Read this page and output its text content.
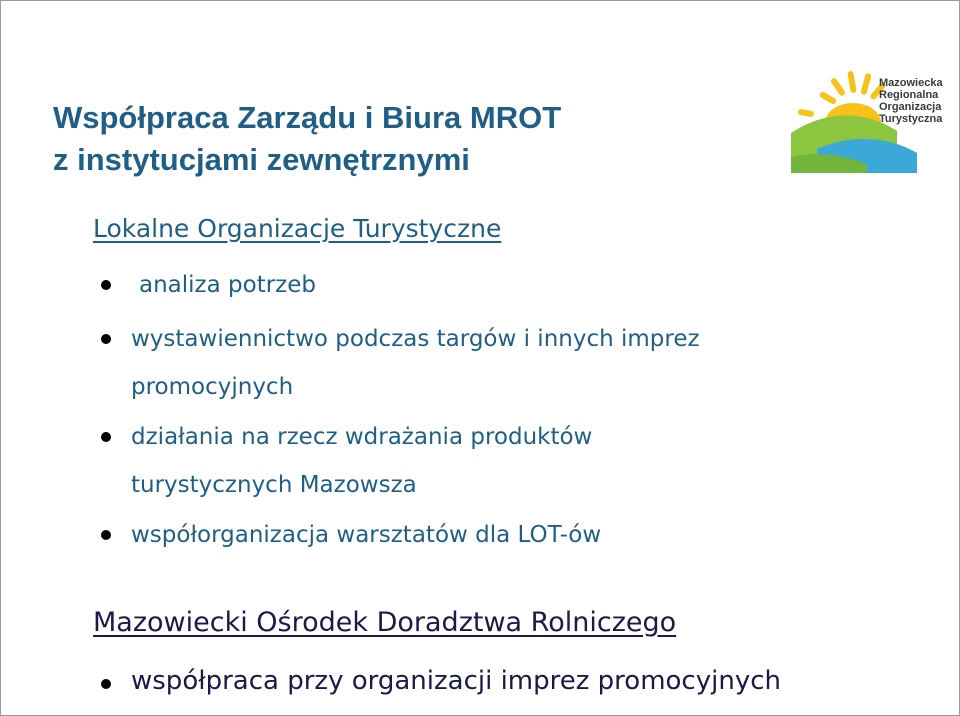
Współpraca Zarządu i Biura MROT
z instytucjami zewnętrznymi
Mazowiecka
Regionalna
Organizacja
Turystyczna
Lokalne Organizacje Turystyczne
analiza potrzeb
wystawiennictwo podczas targów i innych imprez
promocyjnych
działania na rzecz wdrażania produktów
turystycznych Mazowsza
współorganizacja warsztatów dla LOT-ów
Mazowiecki Ośrodek Doradztwa Rolniczego
współpraca przy organizacji imprez promocyjnych
